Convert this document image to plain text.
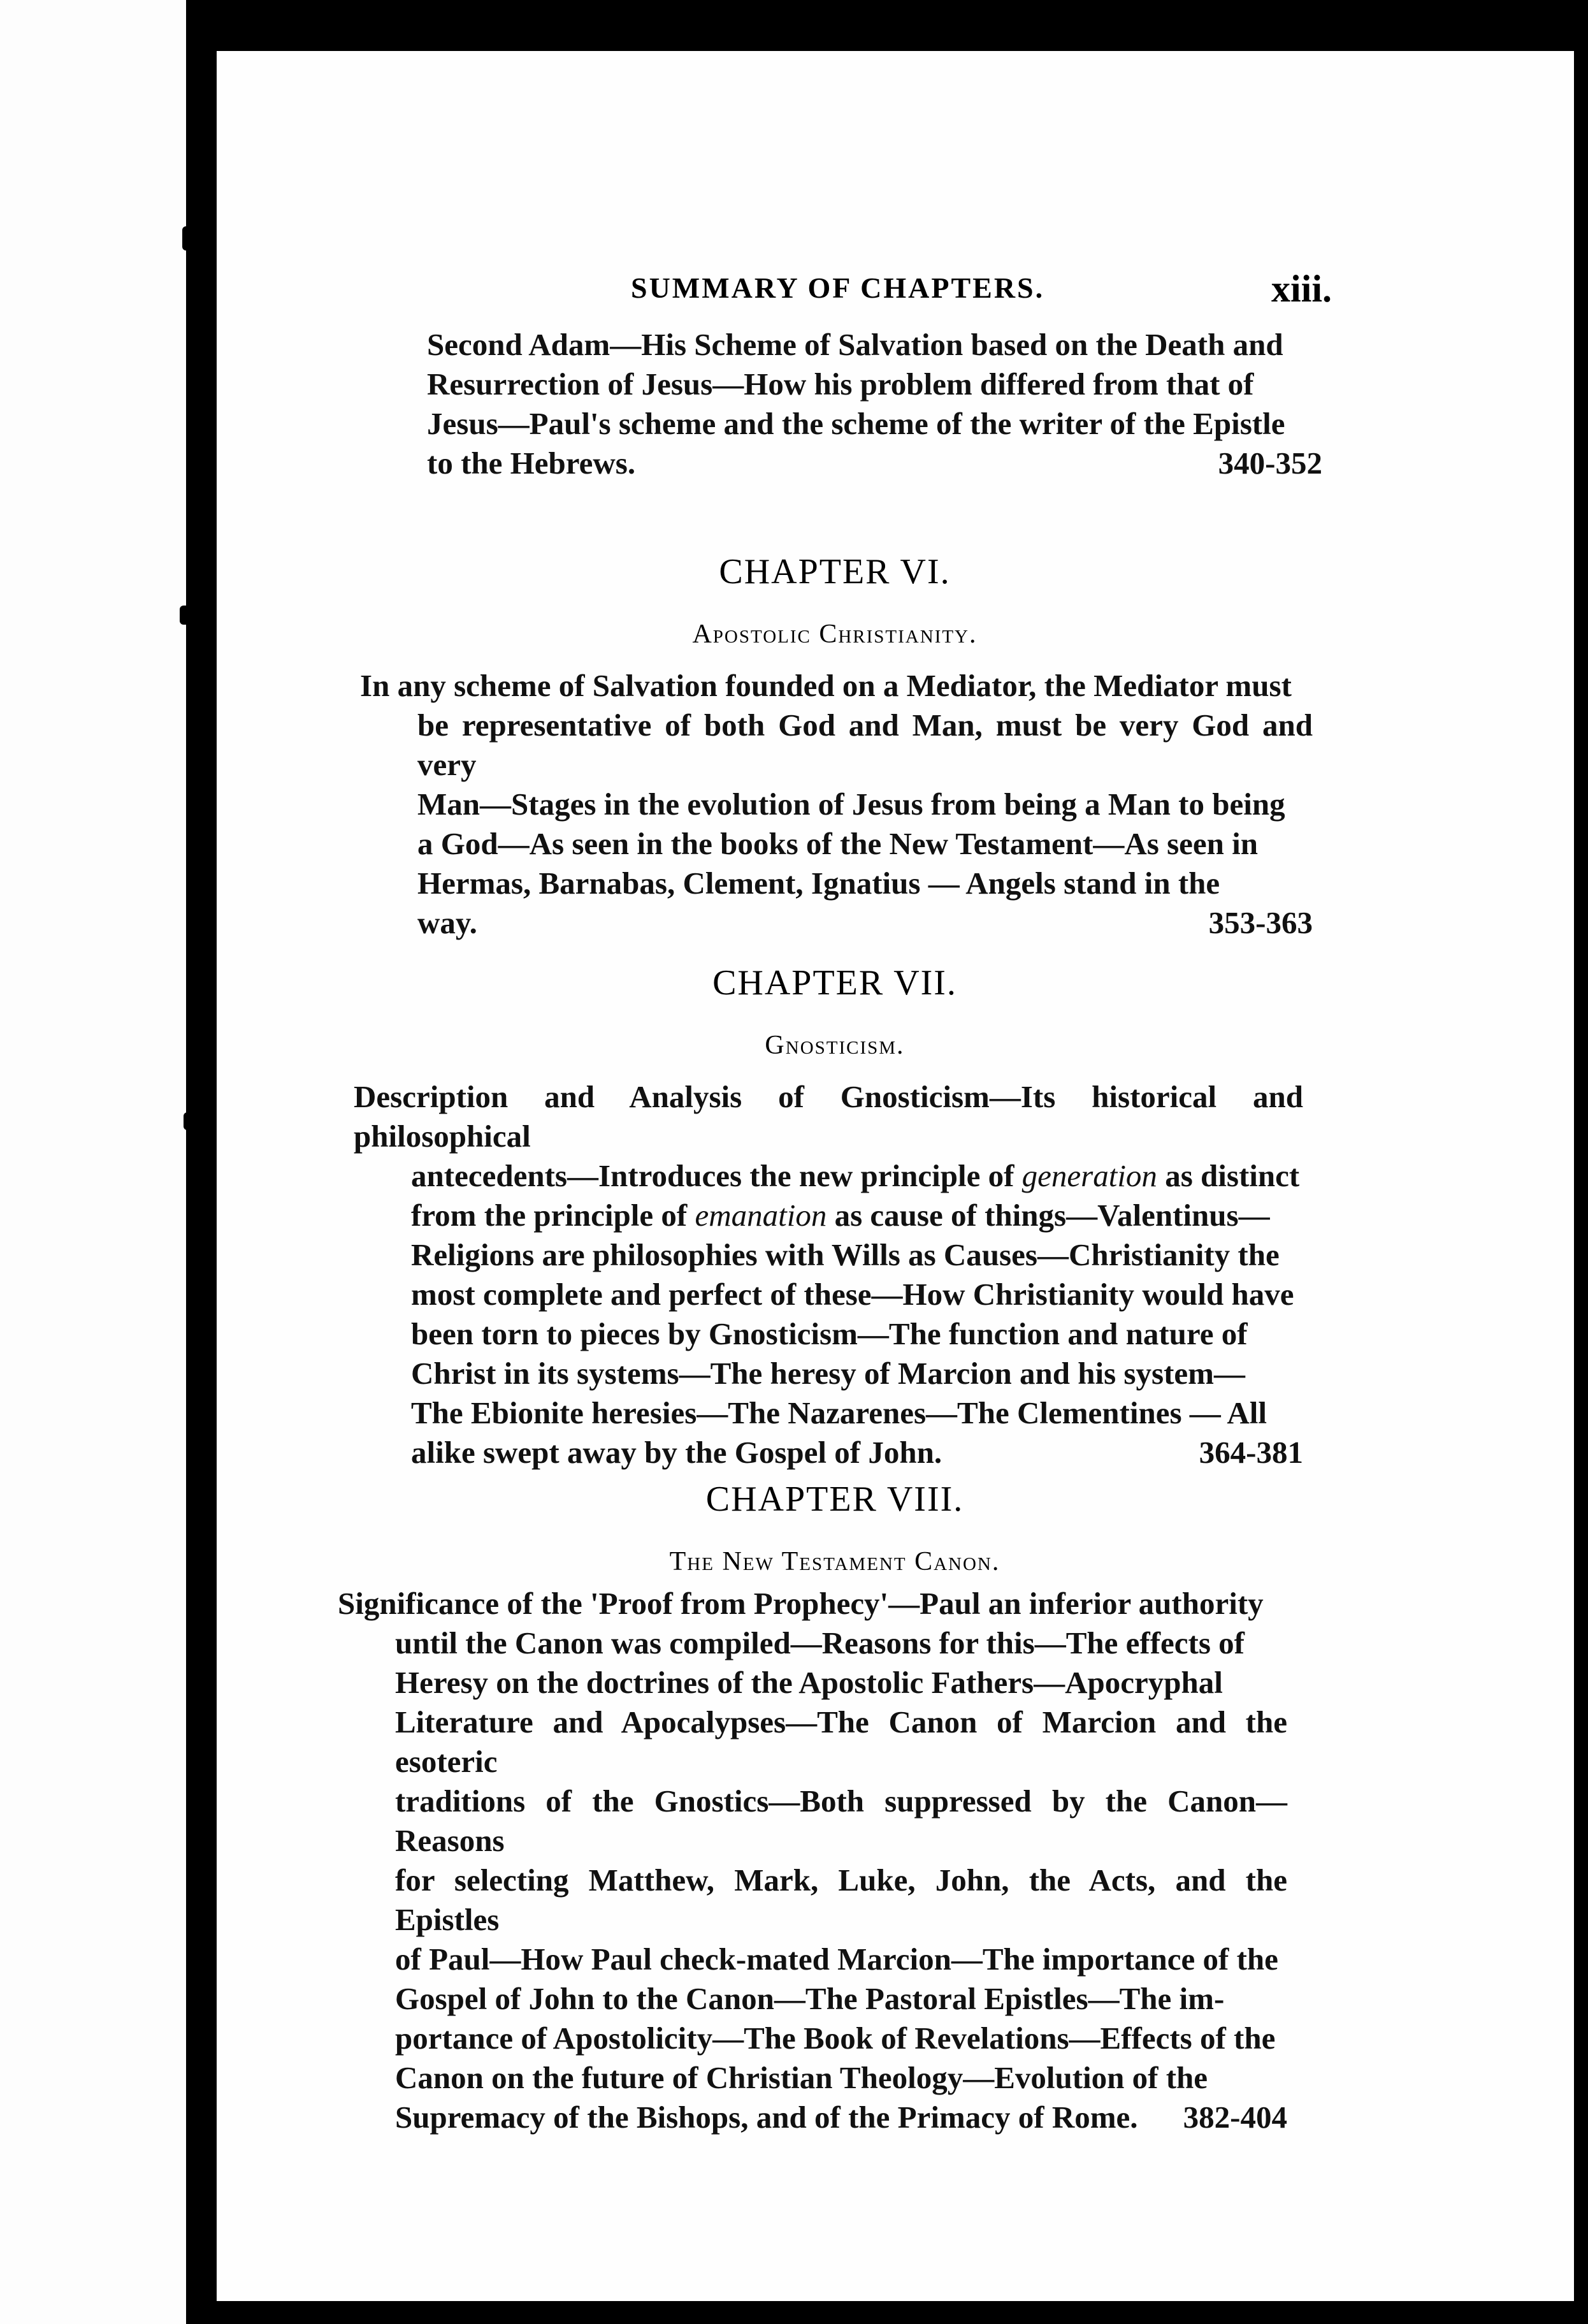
SUMMARY OF CHAPTERS.	xiii.
Second Adam—His Scheme of Salvation based on the Death and
Resurrection of Jesus—How his problem differed from that of
Jesus—Paul's scheme and the scheme of the writer of the Epistle
to the Hebrews.	340-352
CHAPTER VI.
Apostolic Christianity.
In any scheme of Salvation founded on a Mediator, the Mediator must
be representative of both God and Man, must be very God and very
Man—Stages in the evolution of Jesus from being a Man to being
a God—As seen in the books of the New Testament—As seen in
Hermas, Barnabas, Clement, Ignatius — Angels stand in the
way.	353-363
CHAPTER VII.
Gnosticism.
Description and Analysis of Gnosticism—Its historical and philosophical
antecedents—Introduces the new principle of generation as distinct
from the principle of emanation as cause of things—Valentinus—
Religions are philosophies with Wills as Causes—Christianity the
most complete and perfect of these—How Christianity would have
been torn to pieces by Gnosticism—The function and nature of
Christ in its systems—The heresy of Marcion and his system—
The Ebionite heresies—The Nazarenes—The Clementines — All
alike swept away by the Gospel of John.	364-381
CHAPTER VIII.
The New Testament Canon.
Significance of the 'Proof from Prophecy'—Paul an inferior authority
until the Canon was compiled—Reasons for this—The effects of
Heresy on the doctrines of the Apostolic Fathers—Apocryphal
Literature and Apocalypses—The Canon of Marcion and the esoteric
traditions of the Gnostics—Both suppressed by the Canon—Reasons
for selecting Matthew, Mark, Luke, John, the Acts, and the Epistles
of Paul—How Paul check-mated Marcion—The importance of the
Gospel of John to the Canon—The Pastoral Epistles—The im-
portance of Apostolicity—The Book of Revelations—Effects of the
Canon on the future of Christian Theology—Evolution of the
Supremacy of the Bishops, and of the Primacy of Rome. 382-404
